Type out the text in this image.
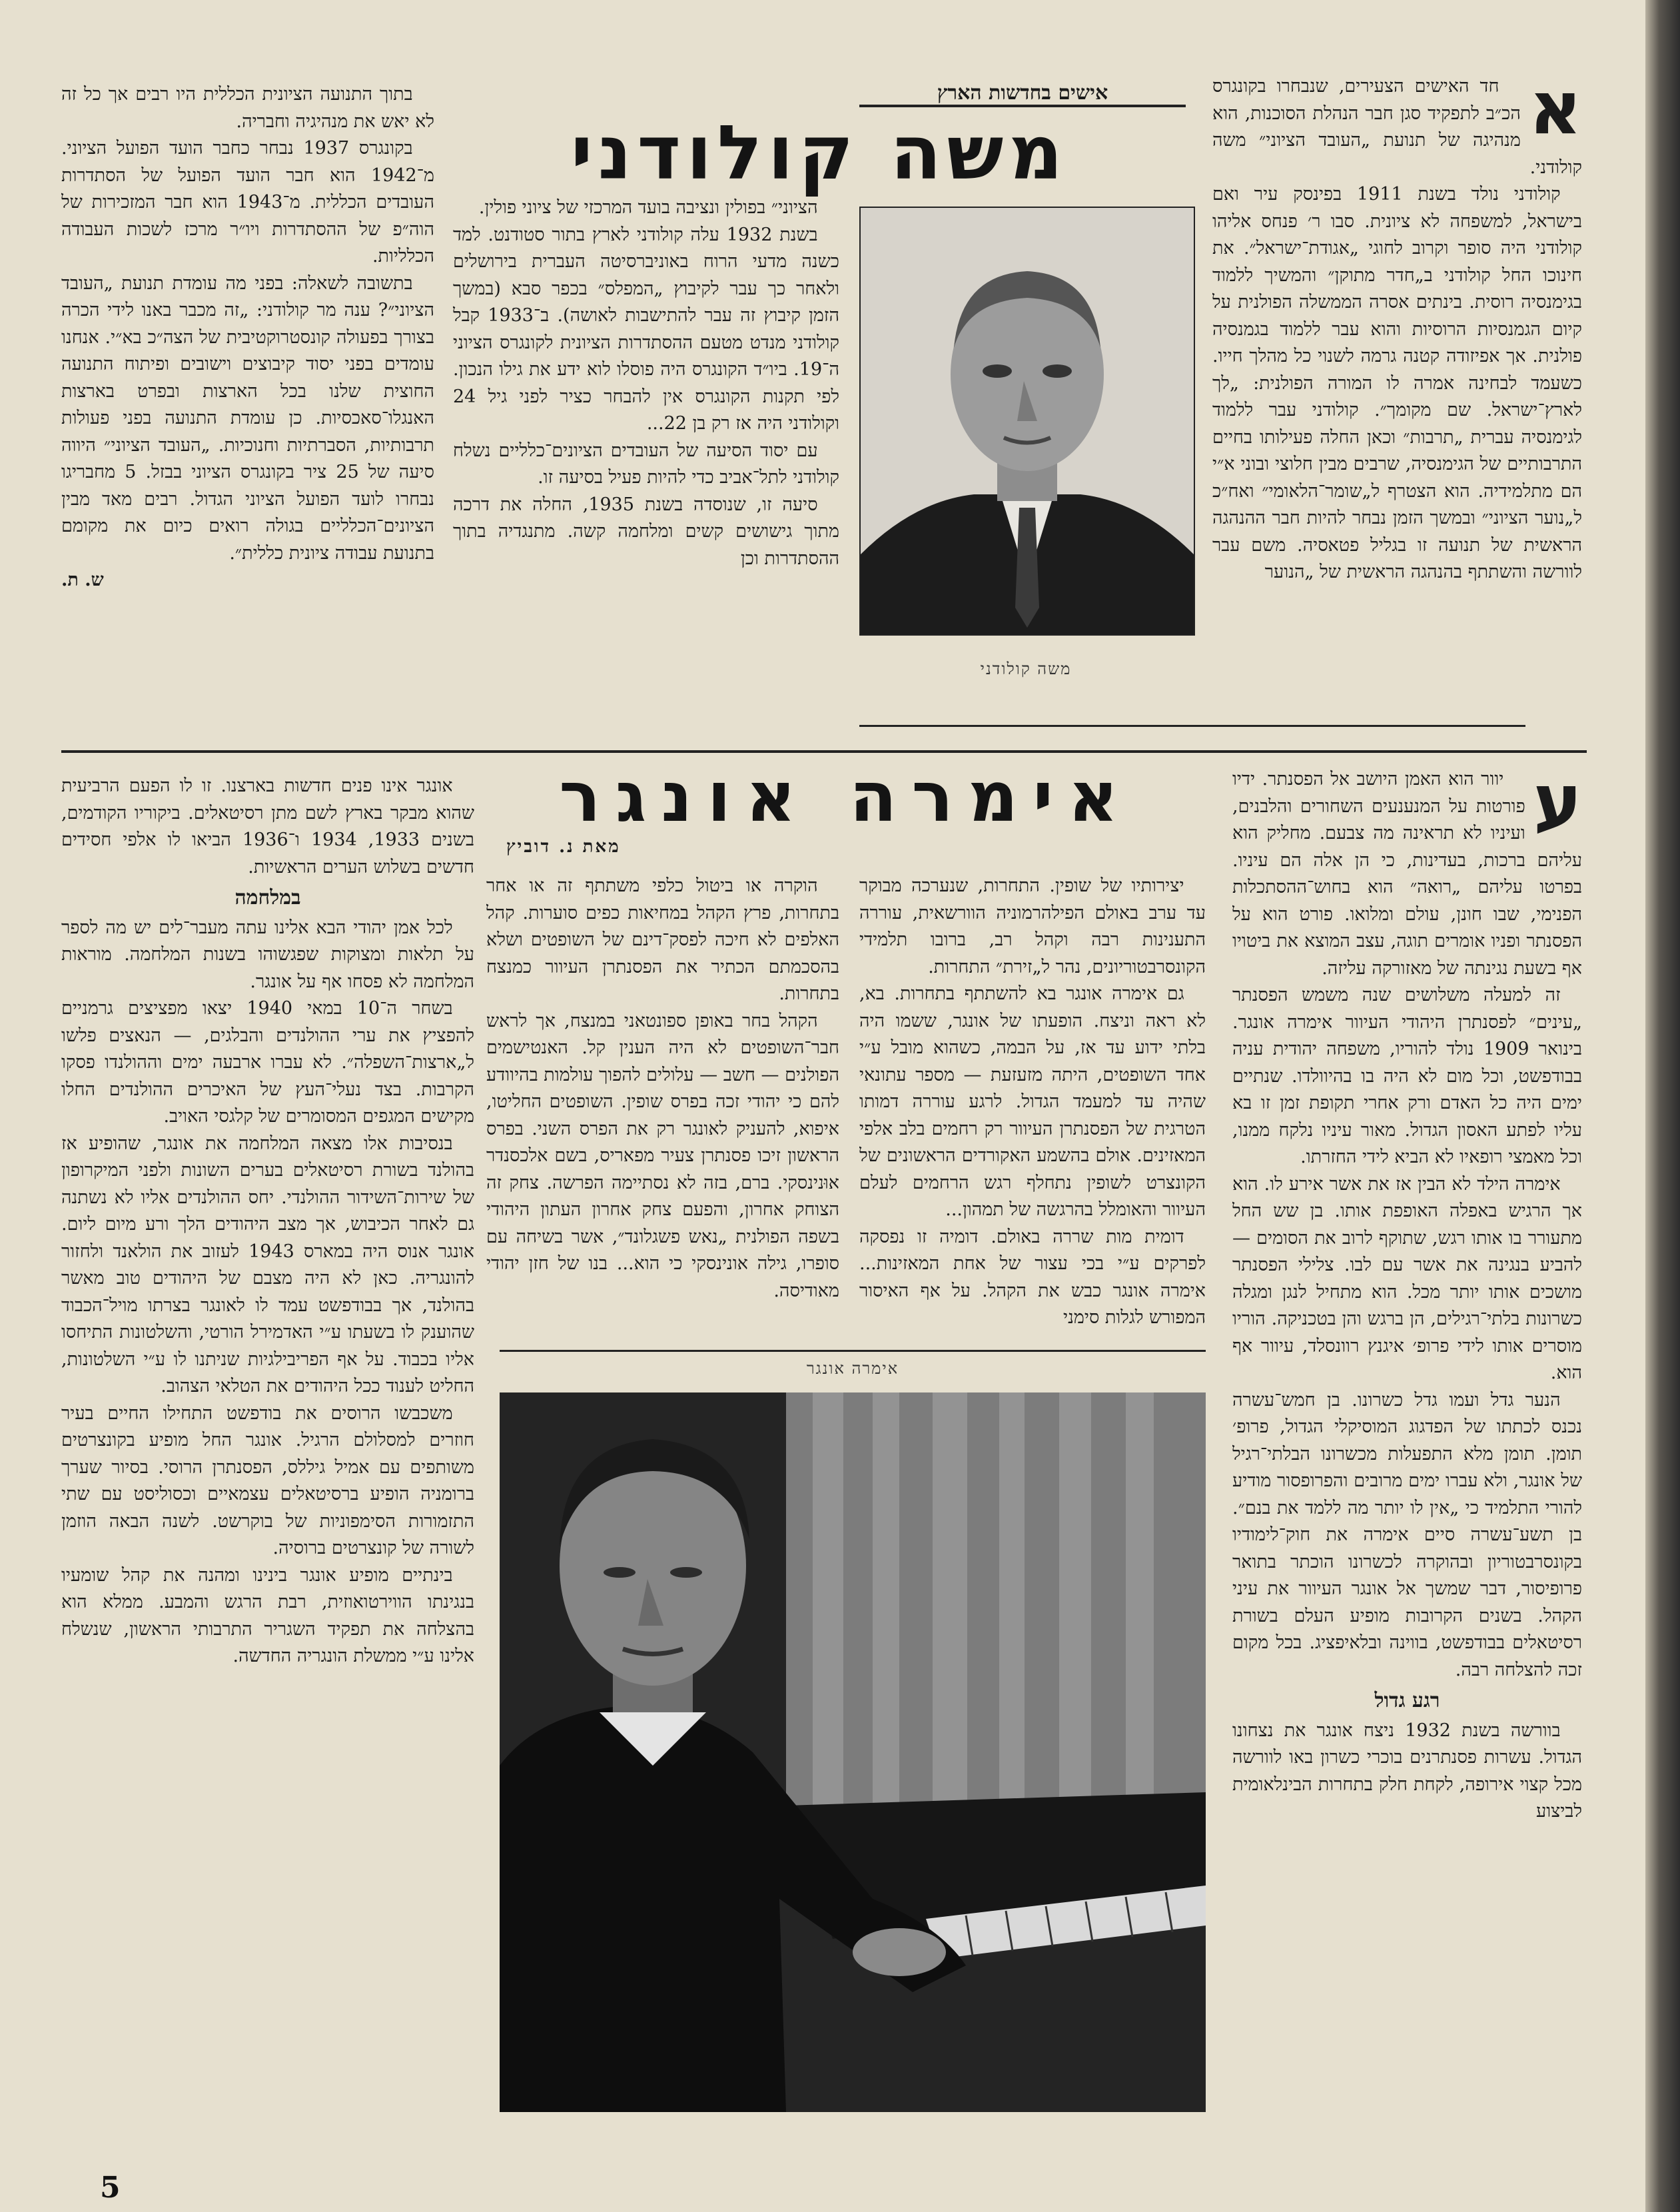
אישים בחדשות הארץ
משה קולודני
א

חד האישים הצעירים, שנבחרו בקונגרס הכ״ב לתפקיד סגן חבר הנהלת הסוכנות, הוא מנהיגה של תנועת „העובד הציוני״ משה קולודני.

קולודני נולד בשנת 1911 בפינסק עיר ואם בישראל, למשפחה לא ציונית. סבו ר׳ פנחס אליהו קולודני היה סופר וקרוב לחוגי „אגודת־ישראל״. את חינוכו החל קולודני ב„חדר מתוקן״ והמשיך ללמוד בגימנסיה רוסית. בינתים אסרה הממשלה הפולנית על קיום הגמנסיות הרוסיות והוא עבר ללמוד בגמנסיה פולנית. אך אפיזודה קטנה גרמה לשנוי כל מהלך חייו. כשעמד לבחינה אמרה לו המורה הפולנית: „לך לארץ־ישראל. שם מקומך״. קולודני עבר ללמוד לגימנסיה עברית „תרבות״ וכאן החלה פעילותו בחיים התרבותיים של הגימנסיה, שרבים מבין חלוצי ובוני א״י הם מתלמידיה. הוא הצטרף ל„שומר־הלאומי״ ואח״כ ל„נוער הציוני״ ובמשך הזמן נבחר להיות חבר ההנהגה הראשית של תנועה זו בגליל פטאסיה. משם עבר לוורשה והשתתף בהנהגה הראשית של „הנוער

משה קולודני

הציוני״ בפולין ונציבה בועד המרכזי של ציוני פולין.

בשנת 1932 עלה קולודני לארץ בתור סטודנט. למד כשנה מדעי הרוח באוניברסיטה העברית בירושלים ולאחר כך עבר לקיבוץ „המפלס״ בכפר סבא (במשך הזמן קיבוץ זה עבר להתישבות לאושה). ב־1933 קבל קולודני מנדט מטעם ההסתדרות הציונית לקונגרס הציוני ה־19. ביו״ד הקונגרס היה פוסלו לוא ידע את גילו הנכון. לפי תקנות הקונגרס אין להבחר כציר לפני גיל 24 וקולודני היה אז רק בן 22...

עם יסוד הסיעה של העובדים הציונים־כלליים נשלח קולודני לתל־אביב כדי להיות פעיל בסיעה זו.

סיעה זו, שנוסדה בשנת 1935, החלה את דרכה מתוך גישושים קשים ומלחמה קשה. מתנגדיה בתוך ההסתדרות וכן

בתוך התנועה הציונית הכללית היו רבים אך כל זה לא יאש את מנהיגיה וחבריה.

בקונגרס 1937 נבחר כחבר הועד הפועל הציוני. מ־1942 הוא חבר הועד הפועל של הסתדרות העובדים הכללית. מ־1943 הוא חבר המזכירות של הוה״פ של ההסתדרות ויו״ר מרכז לשכות העבודה הכלליות.

בתשובה לשאלה: בפני מה עומדת תנועת „העובד הציוני״? ענה מר קולודני: „זה מכבר באנו לידי הכרה בצורך בפעולה קונסטרוקטיבית של הצה״כ בא״י. אנחנו עומדים בפני יסוד קיבוצים וישובים ופיתוח התנועה החוצית שלנו בכל הארצות ובפרט בארצות האנגלו־סאכסיות. כן עומדת התנועה בפני פעולות תרבותיות, הסברתיות וחנוכיות. „העובד הציוני״ היווה סיעה של 25 ציר בקונגרס הציוני בבזל. 5 מחבריגו נבחרו לועד הפועל הציוני הגדול. רבים מאד מבין הציונים־הכלליים בגולה רואים כיום את מקומם בתנועת עבודה ציונית כללית״.

ש. ת.
אימרה אונגר
מאת נ. דוביץ
ע

יוור הוא האמן היושב אל הפסנתר. ידיו פורטות על המנענעים השחורים והלבנים, ועיניו לא תראינה מה צבעם. מחליק הוא עליהם ברכות, בעדינות, כי הן אלה הם עיניו. בפרטו עליהם „רואה״ הוא בחוש־ההסתכלות הפנימי, שבו חונן, עולם ומלואו. פורט הוא על הפסנתר ופניו אומרים תוגה, עצב המוצא את ביטויו אף בשעת נגינתה של מאזורקה עליזה.

זה למעלה משלושים שנה משמש הפסנתר „עינים״ לפסנתרן היהודי העיוור אימרה אונגר. בינואר 1909 נולד להוריו, משפחה יהודית עניה בבודפשט, וכל מום לא היה בו בהיוולדו. שנתיים ימים היה כל האדם ורק אחרי תקופת זמן זו בא עליו לפתע האסון הגדול. מאור עיניו נלקח ממנו, וכל מאמצי רופאיו לא הביא לידי החזרתו.

אימרה הילד לא הבין אז את אשר אירע לו. הוא אך הרגיש באפלה האופפת אותו. בן שש החל מתעורר בו אותו רגש, שתוקף לרוב את הסומים — להביע בנגינה את אשר עם לבו. צלילי הפסנתר מושכים אותו יותר מכל. הוא מתחיל לנגן ומגלה כשרונות בלתי־רגילים, הן ברגש והן בטכניקה. הוריו מוסרים אותו לידי פרופ׳ איגנץ רוונסלד, עיוור אף הוא.

הנער גדל ועמו גדל כשרונו. בן חמש־עשרה נכנס לכתתו של הפדגוג המוסיקלי הגדול, פרופ׳ תומן. תומן מלא התפעלות מכשרונו הבלתי־רגיל של אונגר, ולא עברו ימים מרובים והפרופסור מודיע להורי התלמיד כי „אין לו יותר מה ללמד את בנם״. בן תשע־עשרה סיים אימרה את חוק־לימודיו בקונסרבטוריון ובהוקרה לכשרונו הוכתר בתואר פרופיסור, דבר שמשך אל אונגר העיוור את עיני הקהל. בשנים הקרובות מופיע העלם בשורת רסיטאלים בבודפשט, בווינה ובלאיפציג. בכל מקום זכה להצלחה רבה.

רגע גדול

בוורשה בשנת 1932 ניצח אונגר את נצחונו הגדול. עשרות פסנתרנים בוכרי כשרון באו לוורשה מכל קצוי אירופה, לקחת חלק בתחרות הבינלאומית לביצוע

יצירותיו של שופין. התחרות, שנערכה מבוקר עד ערב באולם הפילהרמוניה הוורשאית, עוררה התענינות רבה וקהל רב, ברובו תלמידי הקונסרבטוריונים, נהר ל„זירת״ התחרות.

גם אימרה אונגר בא להשתתף בתחרות. בא, לא ראה וניצח. הופעתו של אונגר, ששמו היה בלתי ידוע עד אז, על הבמה, כשהוא מובל ע״י אחד השופטים, היתה מזעזעת — מספר עתונאי שהיה עד למעמד הגדול. לרגע עוררה דמותו הטרגית של הפסנתרן העיוור רק רחמים בלב אלפי המאזינים. אולם בהשמע האקורדים הראשונים של הקונצרט לשופין נתחלף רגש הרחמים לעלם העיוור והאומלל בהרגשה של תמהון...

דומית מות שררה באולם. דומיה זו נפסקה לפרקים ע״י בכי עצור של אחת המאזינות... אימרה אונגר כבש את הקהל. על אף האיסור המפורש לגלות סימני

הוקרה או ביטול כלפי משתתף זה או אחר בתחרות, פרץ הקהל במחיאות כפים סוערות. קהל האלפים לא חיכה לפסק־דינם של השופטים ושלא בהסכמתם הכתיר את הפסנתרן העיוור כמנצח בתחרות.

הקהל בחר באופן ספונטאני במנצח, אך לראש חבר־השופטים לא היה הענין קל. האנטישמים הפולנים — חשב — עלולים להפוך עולמות בהיוודע להם כי יהודי זכה בפרס שופין. השופטים החליטו, איפוא, להעניק לאונגר רק את הפרס השני. בפרס הראשון זיכו פסנתרן צעיר מפאריס, בשם אלכסנדר אוּנינסקי. ברם, בזה לא נסתיימה הפרשה. צחק זה הצוחק אחרון, והפעם צחק אחרון העתון היהודי בשפה הפולנית „נאש פשגלונד״, אשר בשיחה עם סופרו, גילה אונינסקי כי הוא... בנו של חזן יהודי מאודיסה.

אימרה אונגר

אונגר אינו פנים חדשות בארצנו. זו לו הפעם הרביעית שהוא מבקר בארץ לשם מתן רסיטאלים. ביקוריו הקודמים, בשנים 1933, 1934 ו־1936 הביאו לו אלפי חסידים חדשים בשלוש הערים הראשיות.

במלחמה

לכל אמן יהודי הבא אלינו עתה מעבר־לים יש מה לספר על תלאות ומצוקות שפגשוהו בשנות המלחמה. מוראות המלחמה לא פסחו אף על אונגר.

בשחר ה־10 במאי 1940 יצאו מפציצים גרמניים להפציץ את ערי ההולנדים והבלגים, — הנאצים פלשו ל„ארצות־השפלה״. לא עברו ארבעה ימים וההולנדו פסקו הקרבות. בצד נעלי־העץ של האיכרים ההולנדים החלו מקישים המגפים המסומרים של קלגסי האויב.

בנסיבות אלו מצאה המלחמה את אונגר, שהופיע אז בהולנד בשורת רסיטאלים בערים השונות ולפני המיקרופון של שירות־השידור ההולנדי. יחס ההולנדים אליו לא נשתנה גם לאחר הכיבוש, אך מצב היהודים הלך ורע מיום ליום. אונגר אנוס היה במארס 1943 לעזוב את הולאנד ולחזור להונגריה. כאן לא היה מצבם של היהודים טוב מאשר בהולנד, אך בבודפשט עמד לו לאונגר בצרתו מויל־הכבוד שהוענק לו בשעתו ע״י האדמירל הורטי, והשלטונות התיחסו אליו בכבוד. על אף הפריבילגיות שניתנו לו ע״י השלטונות, החליט לענוד ככל היהודים את הטלאי הצהוב.

משכבשו הרוסים את בודפשט התחילו החיים בעיר חוזרים למסלולם הרגיל. אונגר החל מופיע בקונצרטים משותפים עם אמיל גיללס, הפסנתרן הרוסי. בסיור שערך ברומניה הופיע ברסיטאלים עצמאיים וכסוליסט עם שתי התזמורות הסימפוניות של בוקרשט. לשנה הבאה הוזמן לשורה של קונצרטים ברוסיה.

בינתיים מופיע אונגר בינינו ומהנה את קהל שומעיו בנגינתו הווירטואוזית, רבת הרגש והמבע. ממלא הוא בהצלחה את תפקיד השגריר התרבותי הראשון, שנשלח אלינו ע״י ממשלת הונגריה החדשה.

5
